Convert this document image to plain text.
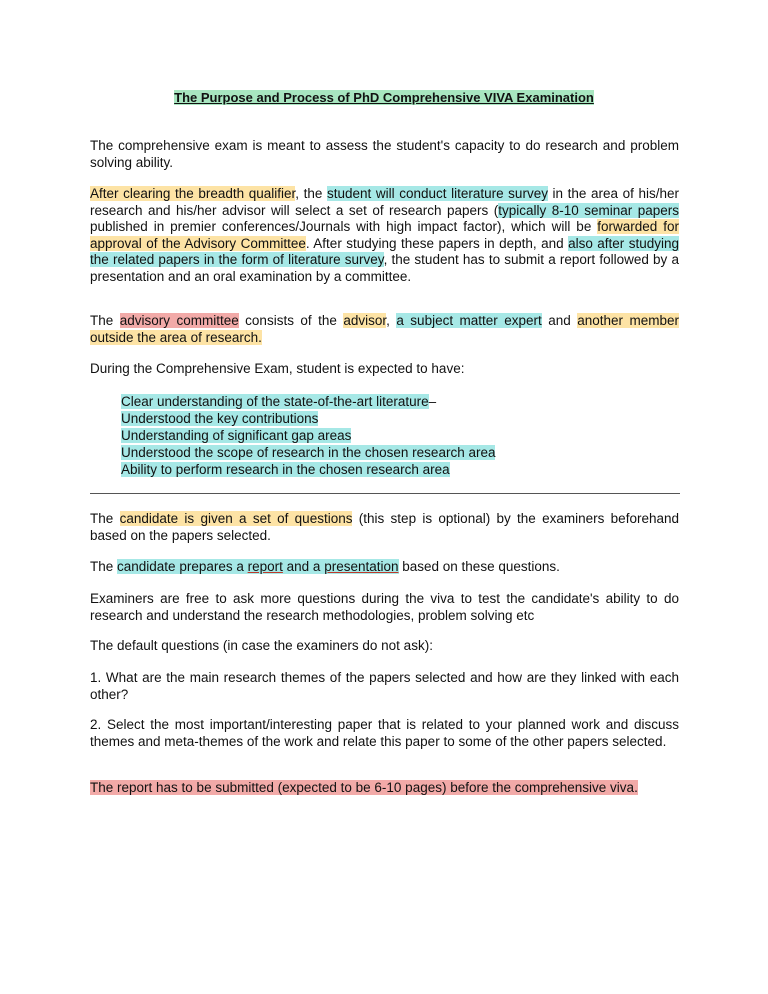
The Purpose and Process of PhD Comprehensive VIVA Examination

The comprehensive exam is meant to assess the student's capacity to do research and problem solving ability.

After clearing the breadth qualifier, the student will conduct literature survey in the area of his/her research and his/her advisor will select a set of research papers (typically 8-10 seminar papers published in premier conferences/Journals with high impact factor), which will be forwarded for approval of the Advisory Committee. After studying these papers in depth, and also after studying the related papers in the form of literature survey, the student has to submit a report followed by a presentation and an oral examination by a committee.

The advisory committee consists of the advisor, a subject matter expert and another member outside the area of research.

During the Comprehensive Exam, student is expected to have:

Clear understanding of the state-of-the-art literature–
Understood the key contributions
Understanding of significant gap areas
Understood the scope of research in the chosen research area
Ability to perform research in the chosen research area

The candidate is given a set of questions (this step is optional) by the examiners beforehand based on the papers selected.

The candidate prepares a report and a presentation based on these questions.

Examiners are free to ask more questions during the viva to test the candidate's ability to do research and understand the research methodologies, problem solving etc

The default questions (in case the examiners do not ask):

1. What are the main research themes of the papers selected and how are they linked with each other?

2. Select the most important/interesting paper that is related to your planned work and discuss themes and meta-themes of the work and relate this paper to some of the other papers selected.

The report has to be submitted (expected to be 6-10 pages) before the comprehensive viva.
